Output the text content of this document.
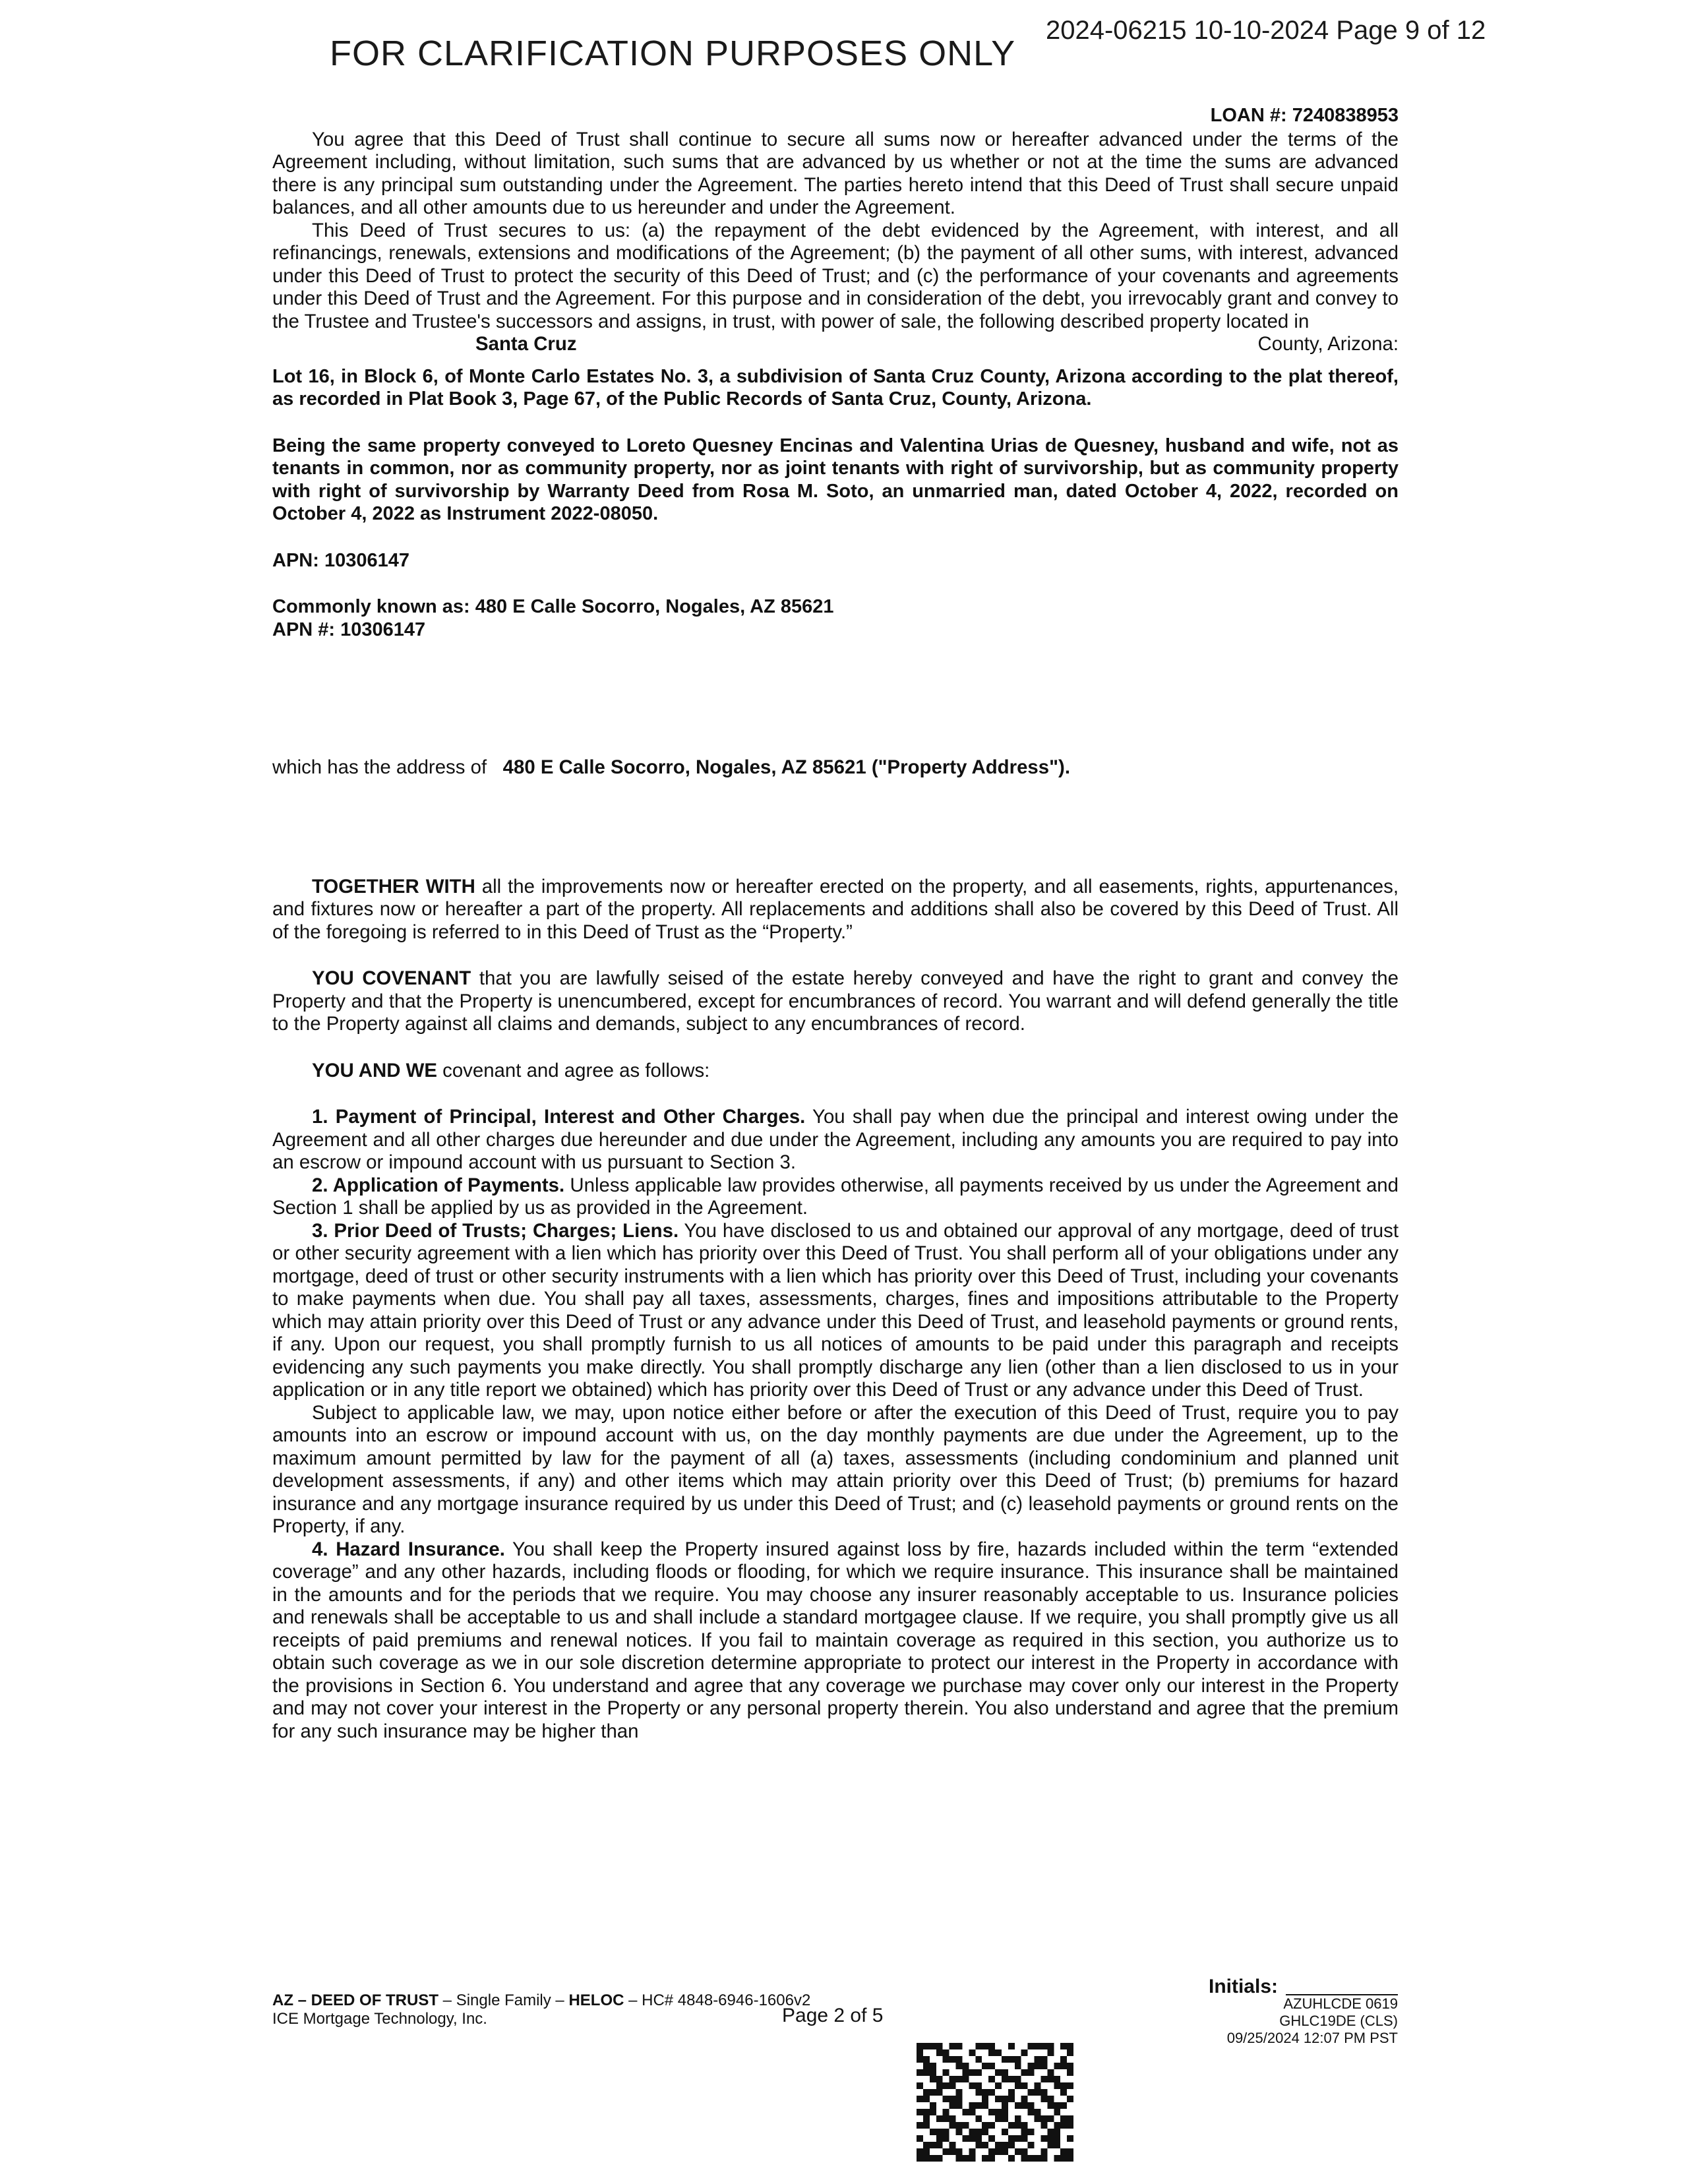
FOR CLARIFICATION PURPOSES ONLY
2024-06215 10-10-2024 Page 9 of 12
LOAN #: 7240838953

You agree that this Deed of Trust shall continue to secure all sums now or hereafter advanced under the terms of the Agreement including, without limitation, such sums that are advanced by us whether or not at the time the sums are advanced there is any principal sum outstanding under the Agreement. The parties hereto intend that this Deed of Trust shall secure unpaid balances, and all other amounts due to us hereunder and under the Agreement.

This Deed of Trust secures to us: (a) the repayment of the debt evidenced by the Agreement, with interest, and all refinancings, renewals, extensions and modifications of the Agreement; (b) the payment of all other sums, with interest, advanced under this Deed of Trust to protect the security of this Deed of Trust; and (c) the performance of your covenants and agreements under this Deed of Trust and the Agreement. For this purpose and in consideration of the debt, you irrevocably grant and convey to the Trustee and Trustee's successors and assigns, in trust, with power of sale, the following described property located in

Santa Cruz	County, Arizona:

Lot 16, in Block 6, of Monte Carlo Estates No. 3, a subdivision of Santa Cruz County, Arizona according to the plat thereof, as recorded in Plat Book 3, Page 67, of the Public Records of Santa Cruz, County, Arizona.

Being the same property conveyed to Loreto Quesney Encinas and Valentina Urias de Quesney, husband and wife, not as tenants in common, nor as community property, nor as joint tenants with right of survivorship, but as community property with right of survivorship by Warranty Deed from Rosa M. Soto, an unmarried man, dated October 4, 2022, recorded on October 4, 2022 as Instrument 2022-08050.

APN: 10306147

Commonly known as: 480 E Calle Socorro, Nogales, AZ 85621

APN #: 10306147

which has the address of 480 E Calle Socorro, Nogales, AZ 85621 ("Property Address").

TOGETHER WITH all the improvements now or hereafter erected on the property, and all easements, rights, appurtenances, and fixtures now or hereafter a part of the property. All replacements and additions shall also be covered by this Deed of Trust. All of the foregoing is referred to in this Deed of Trust as the “Property.”

YOU COVENANT that you are lawfully seised of the estate hereby conveyed and have the right to grant and convey the Property and that the Property is unencumbered, except for encumbrances of record. You warrant and will defend generally the title to the Property against all claims and demands, subject to any encumbrances of record.

YOU AND WE covenant and agree as follows:

1. Payment of Principal, Interest and Other Charges. You shall pay when due the principal and interest owing under the Agreement and all other charges due hereunder and due under the Agreement, including any amounts you are required to pay into an escrow or impound account with us pursuant to Section 3.

2. Application of Payments. Unless applicable law provides otherwise, all payments received by us under the Agreement and Section 1 shall be applied by us as provided in the Agreement.

3. Prior Deed of Trusts; Charges; Liens. You have disclosed to us and obtained our approval of any mortgage, deed of trust or other security agreement with a lien which has priority over this Deed of Trust. You shall perform all of your obligations under any mortgage, deed of trust or other security instruments with a lien which has priority over this Deed of Trust, including your covenants to make payments when due. You shall pay all taxes, assessments, charges, fines and impositions attributable to the Property which may attain priority over this Deed of Trust or any advance under this Deed of Trust, and leasehold payments or ground rents, if any. Upon our request, you shall promptly furnish to us all notices of amounts to be paid under this paragraph and receipts evidencing any such payments you make directly. You shall promptly discharge any lien (other than a lien disclosed to us in your application or in any title report we obtained) which has priority over this Deed of Trust or any advance under this Deed of Trust.

Subject to applicable law, we may, upon notice either before or after the execution of this Deed of Trust, require you to pay amounts into an escrow or impound account with us, on the day monthly payments are due under the Agreement, up to the maximum amount permitted by law for the payment of all (a) taxes, assessments (including condominium and planned unit development assessments, if any) and other items which may attain priority over this Deed of Trust; (b) premiums for hazard insurance and any mortgage insurance required by us under this Deed of Trust; and (c) leasehold payments or ground rents on the Property, if any.

4. Hazard Insurance. You shall keep the Property insured against loss by fire, hazards included within the term “extended coverage” and any other hazards, including floods or flooding, for which we require insurance. This insurance shall be maintained in the amounts and for the periods that we require. You may choose any insurer reasonably acceptable to us. Insurance policies and renewals shall be acceptable to us and shall include a standard mortgagee clause. If we require, you shall promptly give us all receipts of paid premiums and renewal notices. If you fail to maintain coverage as required in this section, you authorize us to obtain such coverage as we in our sole discretion determine appropriate to protect our interest in the Property in accordance with the provisions in Section 6. You understand and agree that any coverage we purchase may cover only our interest in the Property and may not cover your interest in the Property or any personal property therein. You also understand and agree that the premium for any such insurance may be higher than

AZ – DEED OF TRUST – Single Family – HELOC – HC# 4848-6946-1606v2
ICE Mortgage Technology, Inc.	Page 2 of 5
Initials:
AZUHLCDE 0619
GHLC19DE (CLS)
09/25/2024 12:07 PM PST
